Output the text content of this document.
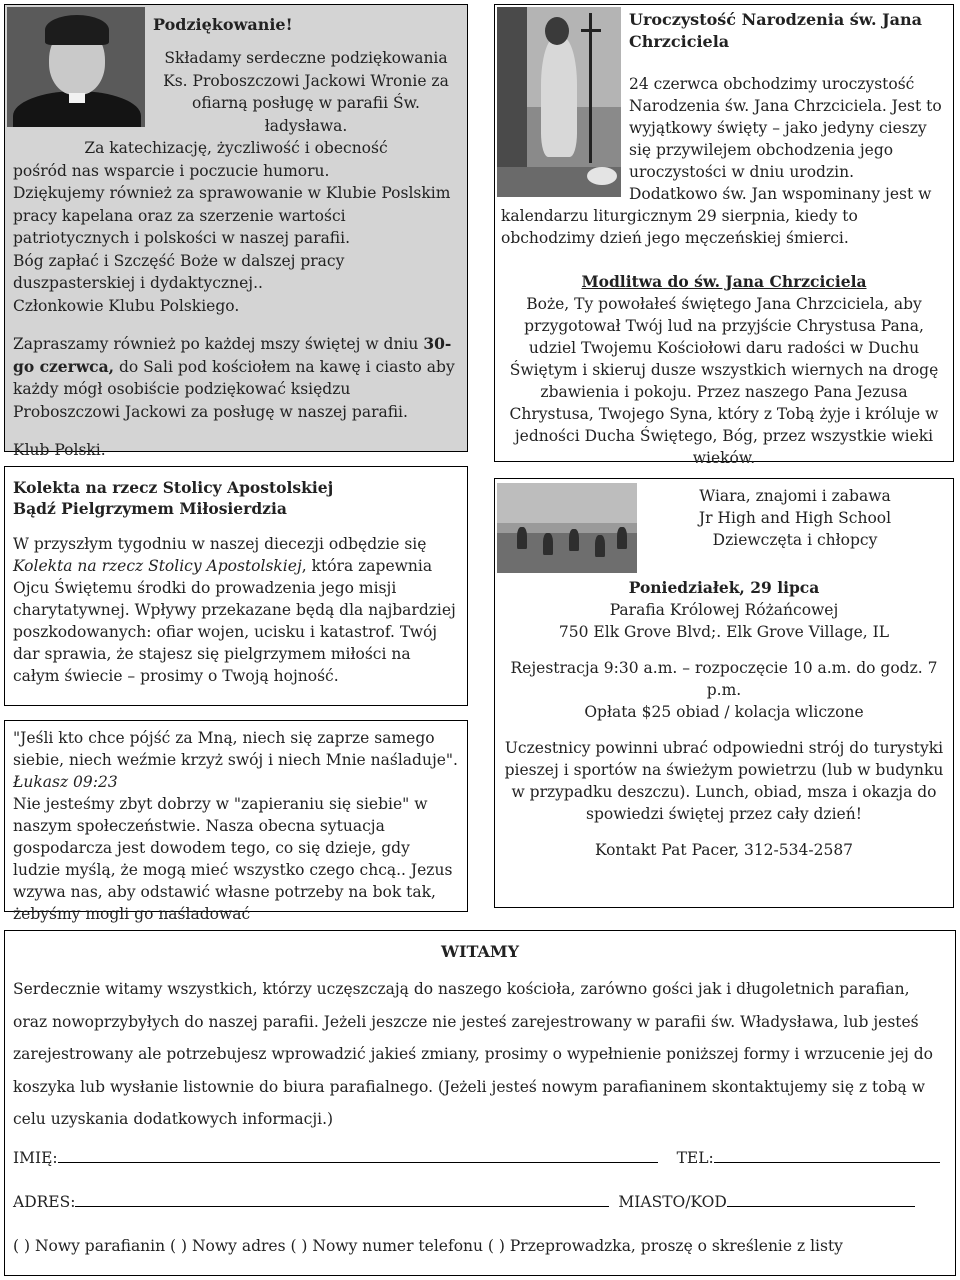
Podziękowanie!

Składamy serdeczne podziękowania

Ks. Proboszczowi Jackowi Wronie za

ofiarną posługę w parafii Św. ładysława.

Za katechizację, życzliwość i obecność

pośród nas wsparcie i poczucie humoru.

Dziękujemy również za sprawowanie w Klubie Poslskim pracy kapelana oraz za szerzenie wartości patriotycznych i polskości w naszej parafii.

Bóg zapłać i Szczęść Boże w dalszej pracy duszpasterskiej i dydaktycznej..

Członkowie Klubu Polskiego.

Zapraszamy również po każdej mszy świętej w dniu 30-go czerwca, do Sali pod kościołem na kawę i ciasto aby każdy mógł osobiście podziękować księdzu Proboszczowi Jackowi za posługę w naszej parafii.

Klub Polski.

Kolekta na rzecz Stolicy Apostolskiej
Bądź Pielgrzymem Miłosierdzia

W przyszłym tygodniu w naszej diecezji odbędzie się Kolekta na rzecz Stolicy Apostolskiej, która zapewnia Ojcu Świętemu środki do prowadzenia jego misji charytatywnej. Wpływy przekazane będą dla najbardziej poszkodowanych: ofiar wojen, ucisku i katastrof. Twój dar sprawia, że stajesz się pielgrzymem miłości na całym świecie – prosimy o Twoją hojność.

"Jeśli kto chce pójść za Mną, niech się zaprze samego siebie, niech weźmie krzyż swój i niech Mnie naśladuje". Łukasz 09:23

Nie jesteśmy zbyt dobrzy w "zapieraniu się siebie" w naszym społeczeństwie. Nasza obecna sytuacja gospodarcza jest dowodem tego, co się dzieje, gdy ludzie myślą, że mogą mieć wszystko czego chcą.. Jezus wzywa nas, aby odstawić własne potrzeby na bok tak, żebyśmy mogli go naśladować

Uroczystość Narodzenia św. Jana Chrzciciela

24 czerwca obchodzimy uroczystość Narodzenia św. Jana Chrzciciela. Jest to wyjątkowy święty – jako jedyny cieszy się przywilejem obchodzenia jego uroczystości w dniu urodzin. Dodatkowo św. Jan wspominany jest w kalendarzu liturgicznym 29 sierpnia, kiedy to obchodzimy dzień jego męczeńskiej śmierci.

Modlitwa do św. Jana Chrzciciela

Boże, Ty powołałeś świętego Jana Chrzciciela, aby przygotował Twój lud na przyjście Chrystusa Pana, udziel Twojemu Kościołowi daru radości w Duchu Świętym i skieruj dusze wszystkich wiernych na drogę zbawienia i pokoju. Przez naszego Pana Jezusa Chrystusa, Twojego Syna, który z Tobą żyje i króluje w jedności Ducha Świętego, Bóg, przez wszystkie wieki wieków.

Wiara, znajomi i zabawa

Jr High and High School

Dziewczęta i chłopcy

Poniedziałek, 29 lipca

Parafia Królowej Różańcowej

750 Elk Grove Blvd;. Elk Grove Village, IL

Rejestracja 9:30 a.m. – rozpoczęcie 10 a.m. do godz. 7 p.m.

Opłata $25 obiad / kolacja wliczone

Uczestnicy powinni ubrać odpowiedni strój do turystyki pieszej i sportów na świeżym powietrzu (lub w budynku w przypadku deszczu). Lunch, obiad, msza i okazja do spowiedzi świętej przez cały dzień!

Kontakt Pat Pacer, 312-534-2587

WITAMY

Serdecznie witamy wszystkich, którzy uczęszczają do naszego kościoła, zarówno gości jak i długoletnich parafian, oraz nowoprzybyłych do naszej parafii. Jeżeli jeszcze nie jesteś zarejestrowany w parafii św. Władysława, lub jesteś zarejestrowany ale potrzebujesz wprowadzić jakieś zmiany, prosimy o wypełnienie poniższej formy i wrzucenie jej do koszyka lub wysłanie listownie do biura parafialnego. (Jeżeli jesteś nowym parafianinem skontaktujemy się z tobą w celu uzyskania dodatkowych informacji.)

IMIĘ:	TEL:
ADRES:	MIASTO/KOD
( ) Nowy parafianin ( ) Nowy adres ( ) Nowy numer telefonu ( ) Przeprowadzka, proszę o skreślenie z listy
